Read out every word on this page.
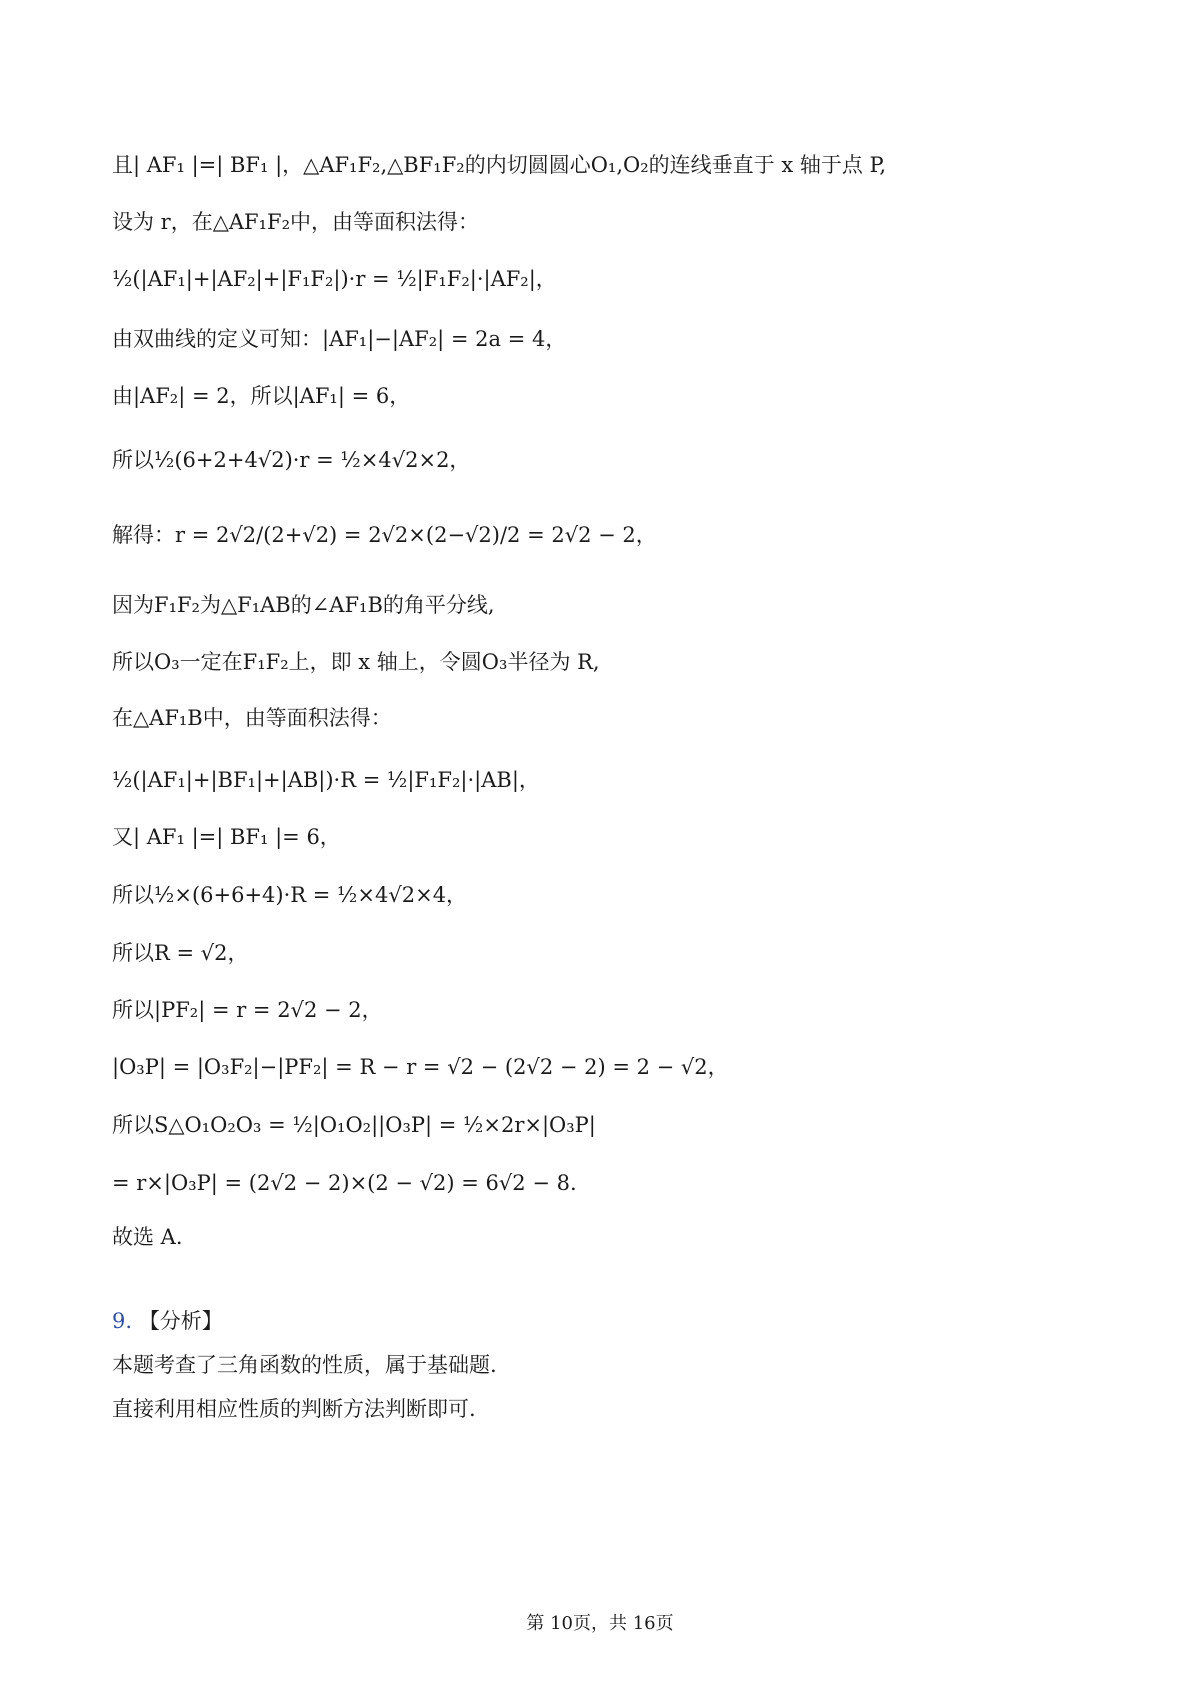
且| AF₁ |=| BF₁ |，△AF₁F₂,△BF₁F₂的内切圆圆心O₁,O₂的连线垂直于 x 轴于点 P,
设为 r，在△AF₁F₂中，由等面积法得：
½(|AF₁|+|AF₂|+|F₁F₂|)·r = ½|F₁F₂|·|AF₂|，
由双曲线的定义可知：|AF₁|−|AF₂| = 2a = 4，
由|AF₂| = 2，所以|AF₁| = 6，
所以½(6+2+4√2)·r = ½×4√2×2，
解得：r = 2√2/(2+√2) = 2√2×(2−√2)/2 = 2√2 − 2，
因为F₁F₂为△F₁AB的∠AF₁B的角平分线,
所以O₃一定在F₁F₂上，即 x 轴上，令圆O₃半径为 R,
在△AF₁B中，由等面积法得：
½(|AF₁|+|BF₁|+|AB|)·R = ½|F₁F₂|·|AB|，
又| AF₁ |=| BF₁ |= 6，
所以½×(6+6+4)·R = ½×4√2×4，
所以R = √2，
所以|PF₂| = r = 2√2 − 2，
|O₃P| = |O₃F₂|−|PF₂| = R − r = √2 − (2√2 − 2) = 2 − √2，
所以S△O₁O₂O₃ = ½|O₁O₂||O₃P| = ½×2r×|O₃P|
= r×|O₃P| = (2√2 − 2)×(2 − √2) = 6√2 − 8.
故选 A.
9. 【分析】
本题考查了三角函数的性质，属于基础题.
直接利用相应性质的判断方法判断即可.
第 10页，共 16页
